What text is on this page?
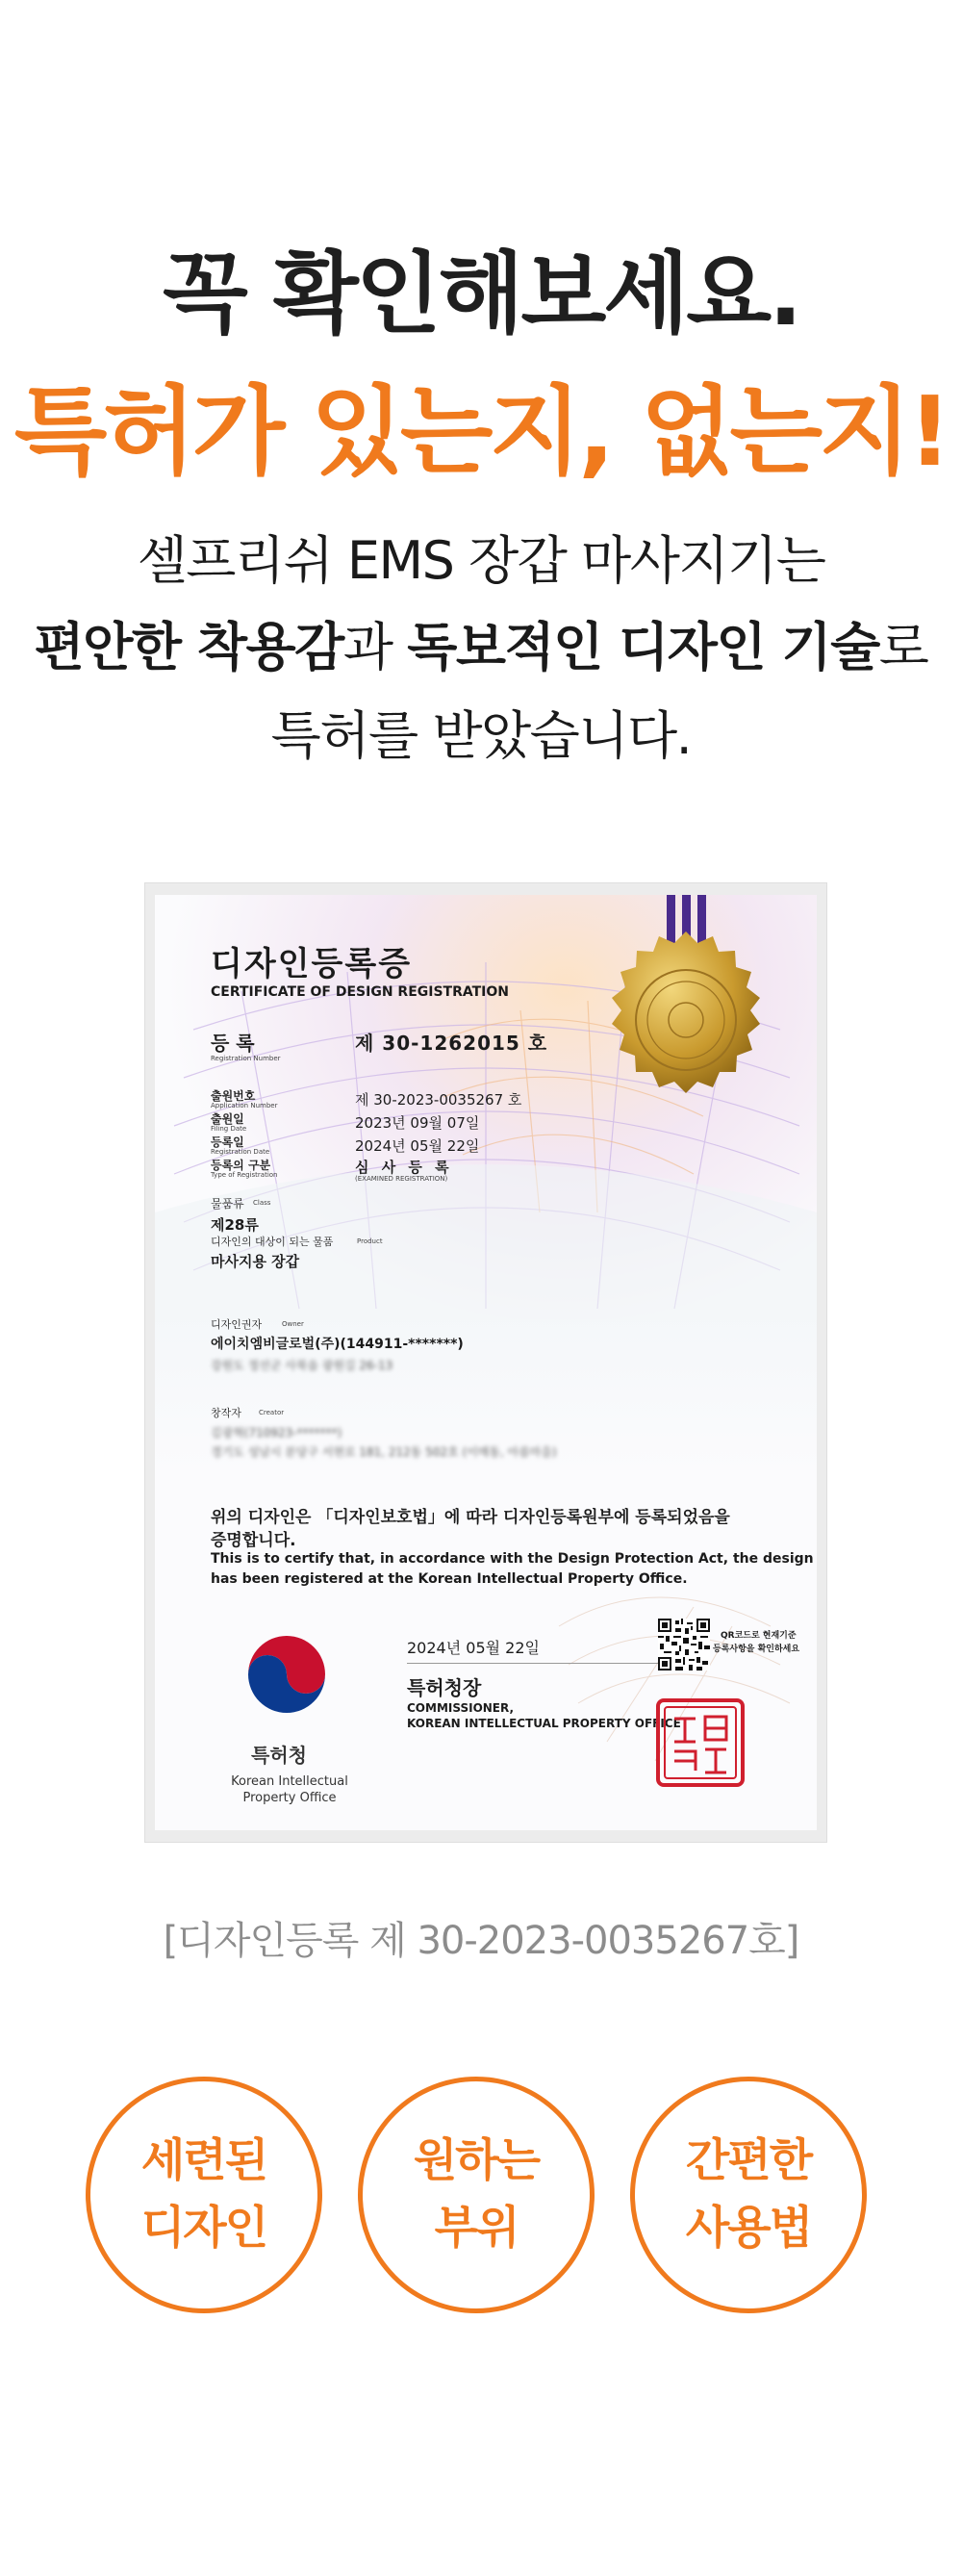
꼭 확인해보세요.
특허가 있는지, 없는지!
셀프리쉬 EMS 장갑 마사지기는
편안한 착용감과 독보적인 디자인 기술로
특허를 받았습니다.
디자인등록증
CERTIFICATE OF DESIGN REGISTRATION
등 록
Registration Number
제 30-1262015 호
출원번호
Application Number	제 30-2023-0035267 호
출원일
Filing Date	2023년 09월 07일
등록일
Registration Date	2024년 05월 22일
등록의 구분
Type of Registration	심 사 등 록
(EXAMINED REGISTRATION)
물품류 Class
제28류
디자인의 대상이 되는 물품	Product
마사지용 장갑
디자인권자	Owner
에이치엠비글로벌(주)(144911-*******)
강원도 정선군 사북읍 광원길 26-13
창작자	Creator
김광혁(710923-*******)
경기도 성남시 분당구 서현로 181, 212동 502호 (이매동, 아름마을)
위의 디자인은 「디자인보호법」에 따라 디자인등록원부에 등록되었음을
증명합니다.
This is to certify that, in accordance with the Design Protection Act, the design
has been registered at the Korean Intellectual Property Office.
특허청
Korean Intellectual
Property Office
2024년 05월 22일
특허청장
COMMISSIONER,
KOREAN INTELLECTUAL PROPERTY OFFICE
QR코드로 현재기준
등록사항을 확인하세요
[디자인등록 제 30-2023-0035267호]
세련된
디자인
원하는
부위
간편한
사용법
